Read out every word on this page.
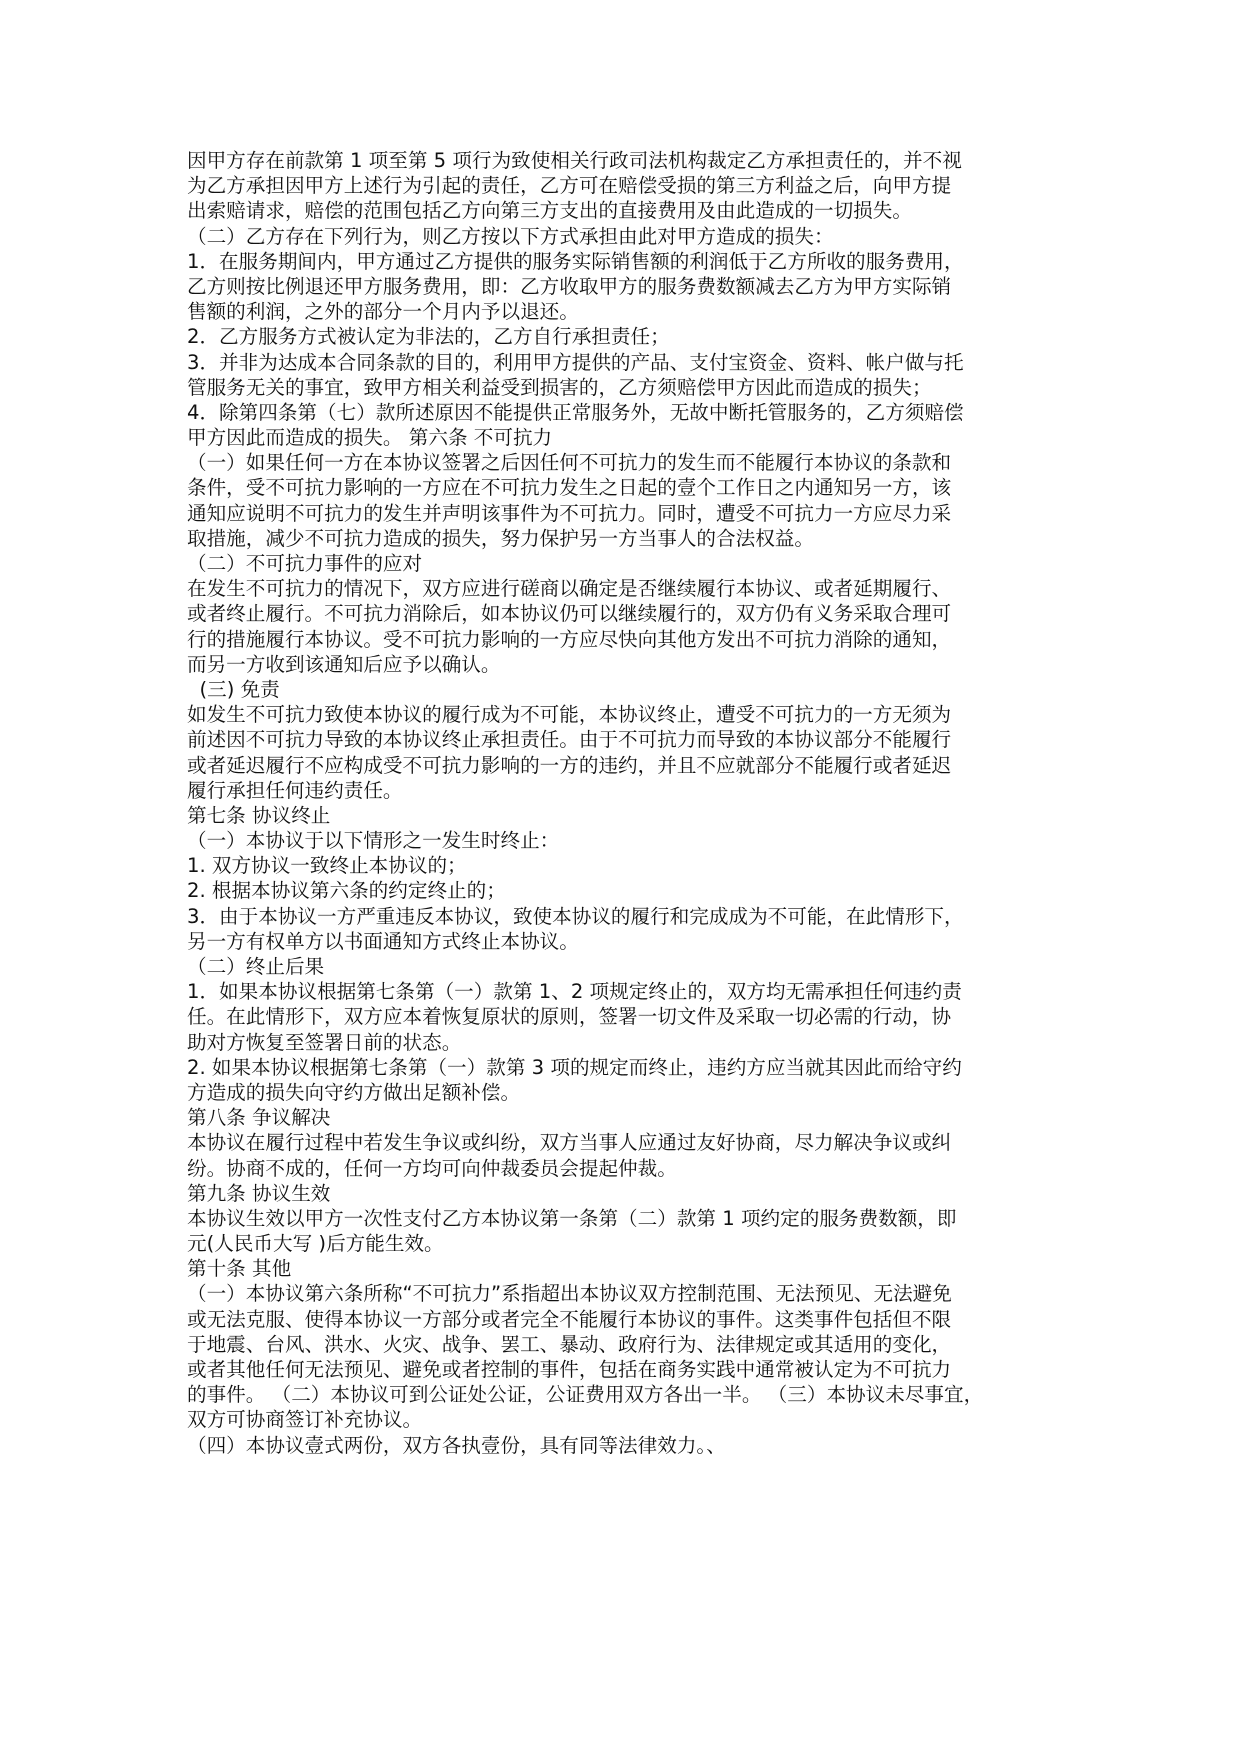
因甲方存在前款第 1 项至第 5 项行为致使相关行政司法机构裁定乙方承担责任的，并不视
为乙方承担因甲方上述行为引起的责任，乙方可在赔偿受损的第三方利益之后，向甲方提
出索赔请求，赔偿的范围包括乙方向第三方支出的直接费用及由此造成的一切损失。
（二）乙方存在下列行为，则乙方按以下方式承担由此对甲方造成的损失：
1．在服务期间内，甲方通过乙方提供的服务实际销售额的利润低于乙方所收的服务费用，
乙方则按比例退还甲方服务费用，即：乙方收取甲方的服务费数额减去乙方为甲方实际销
售额的利润，之外的部分一个月内予以退还。
2．乙方服务方式被认定为非法的，乙方自行承担责任；
3．并非为达成本合同条款的目的，利用甲方提供的产品、支付宝资金、资料、帐户做与托
管服务无关的事宜，致甲方相关利益受到损害的，乙方须赔偿甲方因此而造成的损失；
4．除第四条第（七）款所述原因不能提供正常服务外，无故中断托管服务的，乙方须赔偿
甲方因此而造成的损失。 第六条 不可抗力
（一）如果任何一方在本协议签署之后因任何不可抗力的发生而不能履行本协议的条款和
条件，受不可抗力影响的一方应在不可抗力发生之日起的壹个工作日之内通知另一方，该
通知应说明不可抗力的发生并声明该事件为不可抗力。同时，遭受不可抗力一方应尽力采
取措施，减少不可抗力造成的损失，努力保护另一方当事人的合法权益。
（二）不可抗力事件的应对
在发生不可抗力的情况下，双方应进行磋商以确定是否继续履行本协议、或者延期履行、
或者终止履行。不可抗力消除后，如本协议仍可以继续履行的，双方仍有义务采取合理可
行的措施履行本协议。受不可抗力影响的一方应尽快向其他方发出不可抗力消除的通知，
而另一方收到该通知后应予以确认。
(三) 免责
如发生不可抗力致使本协议的履行成为不可能，本协议终止，遭受不可抗力的一方无须为
前述因不可抗力导致的本协议终止承担责任。由于不可抗力而导致的本协议部分不能履行
或者延迟履行不应构成受不可抗力影响的一方的违约，并且不应就部分不能履行或者延迟
履行承担任何违约责任。
第七条 协议终止
（一）本协议于以下情形之一发生时终止：
1. 双方协议一致终止本协议的；
2. 根据本协议第六条的约定终止的；
3．由于本协议一方严重违反本协议，致使本协议的履行和完成成为不可能，在此情形下，
另一方有权单方以书面通知方式终止本协议。
（二）终止后果
1．如果本协议根据第七条第（一）款第 1、2 项规定终止的，双方均无需承担任何违约责
任。在此情形下，双方应本着恢复原状的原则，签署一切文件及采取一切必需的行动，协
助对方恢复至签署日前的状态。
2. 如果本协议根据第七条第（一）款第 3 项的规定而终止，违约方应当就其因此而给守约
方造成的损失向守约方做出足额补偿。
第八条 争议解决
本协议在履行过程中若发生争议或纠纷，双方当事人应通过友好协商，尽力解决争议或纠
纷。协商不成的，任何一方均可向仲裁委员会提起仲裁。
第九条 协议生效
本协议生效以甲方一次性支付乙方本协议第一条第（二）款第 1 项约定的服务费数额，即
元(人民币大写 )后方能生效。
第十条 其他
（一）本协议第六条所称“不可抗力”系指超出本协议双方控制范围、无法预见、无法避免
或无法克服、使得本协议一方部分或者完全不能履行本协议的事件。这类事件包括但不限
于地震、台风、洪水、火灾、战争、罢工、暴动、政府行为、法律规定或其适用的变化，
或者其他任何无法预见、避免或者控制的事件，包括在商务实践中通常被认定为不可抗力
的事件。 （二）本协议可到公证处公证，公证费用双方各出一半。 （三）本协议未尽事宜，
双方可协商签订补充协议。
（四）本协议壹式两份，双方各执壹份，具有同等法律效力。、
